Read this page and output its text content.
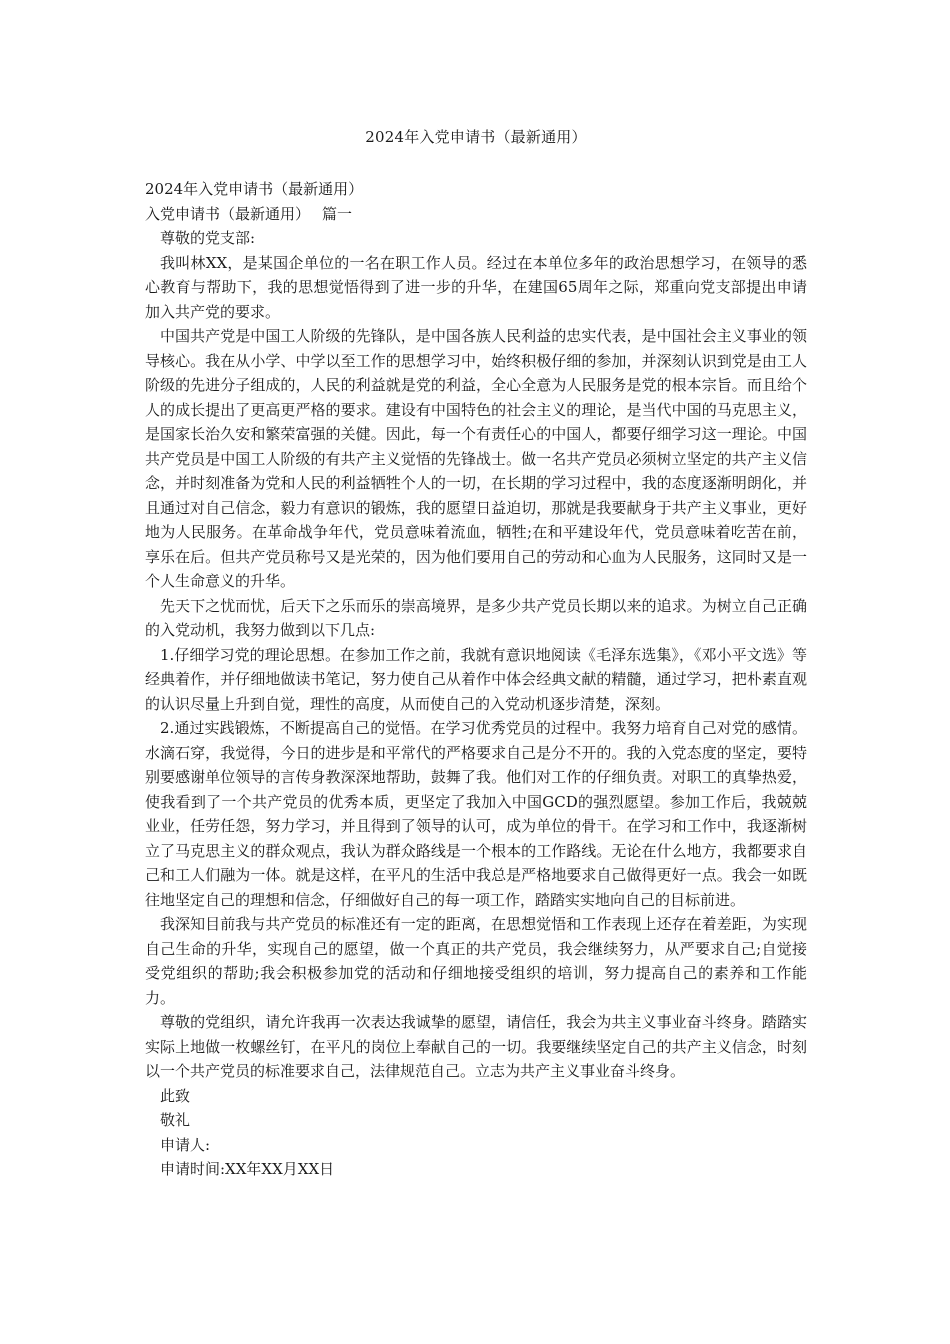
2024年入党申请书（最新通用）

2024年入党申请书（最新通用）

入党申请书（最新通用） 篇一

尊敬的党支部:

我叫林XX，是某国企单位的一名在职工作人员。经过在本单位多年的政治思想学习，在领导的悉心教育与帮助下，我的思想觉悟得到了进一步的升华，在建国65周年之际，郑重向党支部提出申请加入共产党的要求。

中国共产党是中国工人阶级的先锋队，是中国各族人民利益的忠实代表，是中国社会主义事业的领导核心。我在从小学、中学以至工作的思想学习中，始终积极仔细的参加，并深刻认识到党是由工人阶级的先进分子组成的，人民的利益就是党的利益，全心全意为人民服务是党的根本宗旨。而且给个人的成长提出了更高更严格的要求。建设有中国特色的社会主义的理论，是当代中国的马克思主义，是国家长治久安和繁荣富强的关健。因此，每一个有责任心的中国人，都要仔细学习这一理论。中国共产党员是中国工人阶级的有共产主义觉悟的先锋战士。做一名共产党员必须树立坚定的共产主义信念，并时刻准备为党和人民的利益牺牲个人的一切，在长期的学习过程中，我的态度逐渐明朗化，并且通过对自己信念，毅力有意识的锻炼，我的愿望日益迫切，那就是我要献身于共产主义事业，更好地为人民服务。在革命战争年代，党员意味着流血，牺牲;在和平建设年代，党员意味着吃苦在前，享乐在后。但共产党员称号又是光荣的，因为他们要用自己的劳动和心血为人民服务，这同时又是一个人生命意义的升华。

先天下之忧而忧，后天下之乐而乐的崇高境界，是多少共产党员长期以来的追求。为树立自己正确的入党动机，我努力做到以下几点:

1.仔细学习党的理论思想。在参加工作之前，我就有意识地阅读《毛泽东选集》，《邓小平文选》等经典着作，并仔细地做读书笔记，努力使自己从着作中体会经典文献的精髓，通过学习，把朴素直观的认识尽量上升到自觉，理性的高度，从而使自己的入党动机逐步清楚，深刻。

2.通过实践锻炼，不断提高自己的觉悟。在学习优秀党员的过程中。我努力培育自己对党的感情。水滴石穿，我觉得，今日的进步是和平常代的严格要求自己是分不开的。我的入党态度的坚定，要特别要感谢单位领导的言传身教深深地帮助，鼓舞了我。他们对工作的仔细负责。对职工的真挚热爱，使我看到了一个共产党员的优秀本质，更坚定了我加入中国GCD的强烈愿望。参加工作后，我兢兢业业，任劳任怨，努力学习，并且得到了领导的认可，成为单位的骨干。在学习和工作中，我逐渐树立了马克思主义的群众观点，我认为群众路线是一个根本的工作路线。无论在什么地方，我都要求自己和工人们融为一体。就是这样，在平凡的生活中我总是严格地要求自己做得更好一点。我会一如既往地坚定自己的理想和信念，仔细做好自己的每一项工作，踏踏实实地向自己的目标前进。

我深知目前我与共产党员的标准还有一定的距离，在思想觉悟和工作表现上还存在着差距，为实现自己生命的升华，实现自己的愿望，做一个真正的共产党员，我会继续努力，从严要求自己;自觉接受党组织的帮助;我会积极参加党的活动和仔细地接受组织的培训，努力提高自己的素养和工作能力。

尊敬的党组织，请允许我再一次表达我诚挚的愿望，请信任，我会为共主义事业奋斗终身。踏踏实实际上地做一枚螺丝钉，在平凡的岗位上奉献自己的一切。我要继续坚定自己的共产主义信念，时刻以一个共产党员的标准要求自己，法律规范自己。立志为共产主义事业奋斗终身。

此致

敬礼

申请人:

申请时间:XX年XX月XX日
